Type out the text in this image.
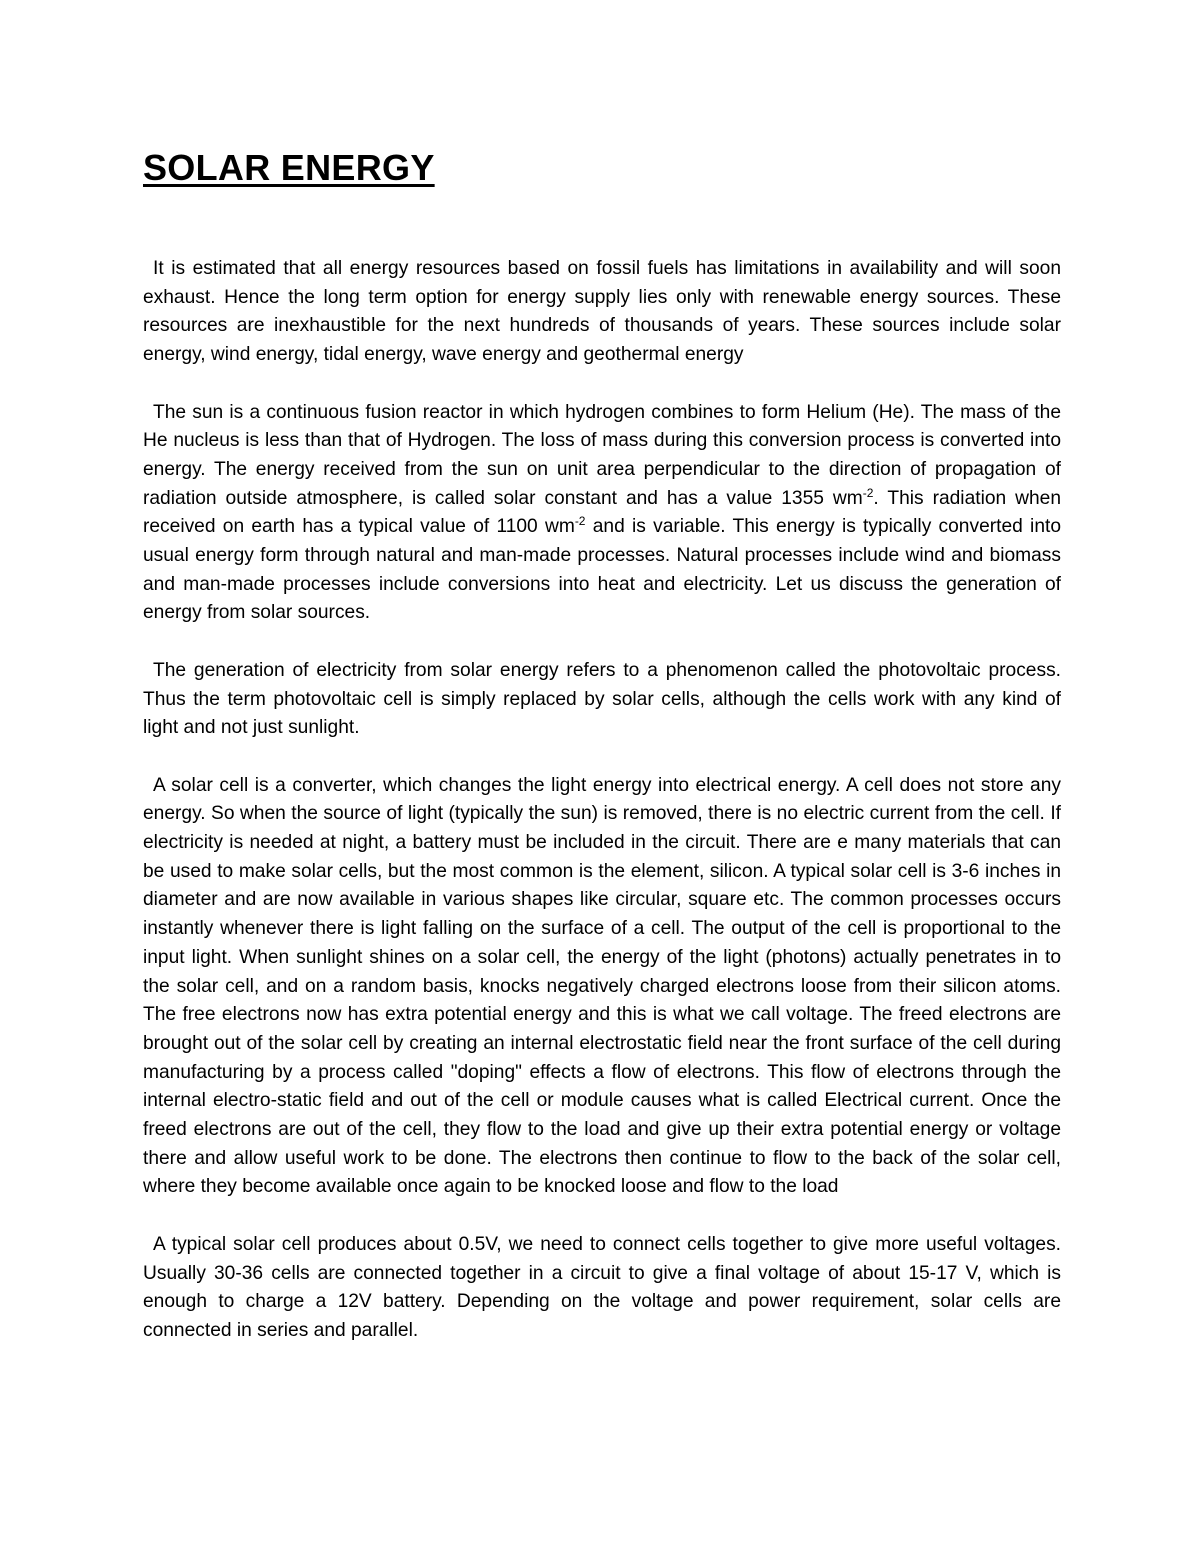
SOLAR ENERGY

It is estimated that all energy resources based on fossil fuels has limitations in availability and will soon exhaust. Hence the long term option for energy supply lies only with renewable energy sources. These resources are inexhaustible for the next hundreds of thousands of years. These sources include solar energy, wind energy, tidal energy, wave energy and geothermal energy

The sun is a continuous fusion reactor in which hydrogen combines to form Helium (He). The mass of the He nucleus is less than that of Hydrogen. The loss of mass during this conversion process is converted into energy. The energy received from the sun on unit area perpendicular to the direction of propagation of radiation outside atmosphere, is called solar constant and has a value 1355 $wm^{-2}$. This radiation when received on earth has a typical value of 1100 $wm^{-2}$ and is variable. This energy is typically converted into usual energy form through natural and man-made processes. Natural processes include wind and biomass and man-made processes include conversions into heat and electricity. Let us discuss the generation of energy from solar sources.

The generation of electricity from solar energy refers to a phenomenon called the photovoltaic process. Thus the term photovoltaic cell is simply replaced by solar cells, although the cells work with any kind of light and not just sunlight.

A solar cell is a converter, which changes the light energy into electrical energy. A cell does not store any energy. So when the source of light (typically the sun) is removed, there is no electric current from the cell. If electricity is needed at night, a battery must be included in the circuit. There are e many materials that can be used to make solar cells, but the most common is the element, silicon. A typical solar cell is 3-6 inches in diameter and are now available in various shapes like circular, square etc. The common processes occurs instantly whenever there is light falling on the surface of a cell. The output of the cell is proportional to the input light. When sunlight shines on a solar cell, the energy of the light (photons) actually penetrates in to the solar cell, and on a random basis, knocks negatively charged electrons loose from their silicon atoms. The free electrons now has extra potential energy and this is what we call voltage. The freed electrons are brought out of the solar cell by creating an internal electrostatic field near the front surface of the cell during manufacturing by a process called "doping" effects a flow of electrons. This flow of electrons through the internal electro-static field and out of the cell or module causes what is called Electrical current. Once the freed electrons are out of the cell, they flow to the load and give up their extra potential energy or voltage there and allow useful work to be done. The electrons then continue to flow to the back of the solar cell, where they become available once again to be knocked loose and flow to the load

A typical solar cell produces about 0.5V, we need to connect cells together to give more useful voltages. Usually 30-36 cells are connected together in a circuit to give a final voltage of about 15-17 V, which is enough to charge a 12V battery. Depending on the voltage and power requirement, solar cells are connected in series and parallel.
